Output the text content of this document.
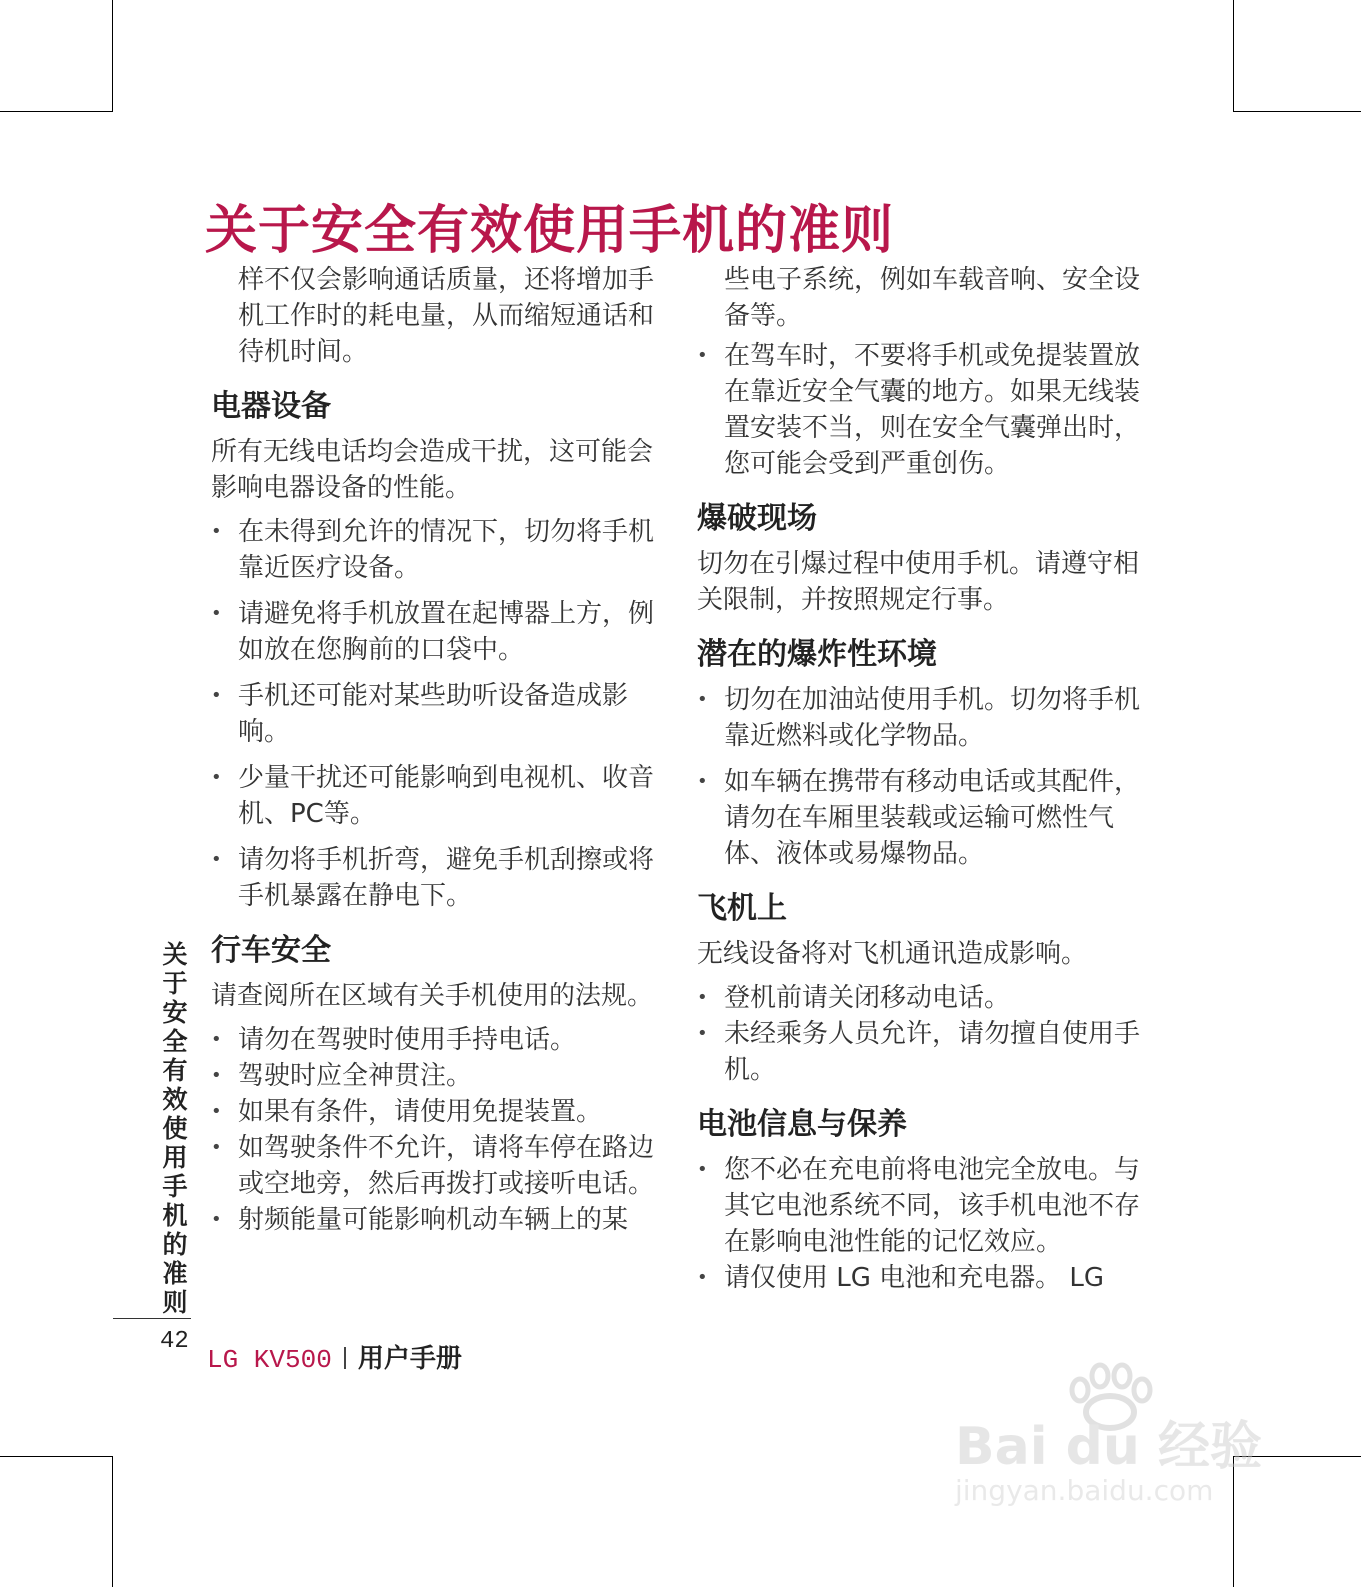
关于安全有效使用手机的准则
样不仅会影响通话质量，还将增加手机工作时的耗电量，从而缩短通话和待机时间。
电器设备
所有无线电话均会造成干扰，这可能会影响电器设备的性能。
• 在未得到允许的情况下，切勿将手机靠近医疗设备。
• 请避免将手机放置在起博器上方，例如放在您胸前的口袋中。
• 手机还可能对某些助听设备造成影响。
• 少量干扰还可能影响到电视机、收音机、PC等。
• 请勿将手机折弯，避免手机刮擦或将手机暴露在静电下。
行车安全
请查阅所在区域有关手机使用的法规。
• 请勿在驾驶时使用手持电话。
• 驾驶时应全神贯注。
• 如果有条件，请使用免提装置。
• 如驾驶条件不允许，请将车停在路边或空地旁，然后再拨打或接听电话。
• 射频能量可能影响机动车辆上的某
些电子系统，例如车载音响、安全设备等。
• 在驾车时，不要将手机或免提装置放在靠近安全气囊的地方。如果无线装置安装不当，则在安全气囊弹出时，您可能会受到严重创伤。
爆破现场
切勿在引爆过程中使用手机。请遵守相关限制，并按照规定行事。
潜在的爆炸性环境
• 切勿在加油站使用手机。切勿将手机靠近燃料或化学物品。
• 如车辆在携带有移动电话或其配件，请勿在车厢里装载或运输可燃性气体、液体或易爆物品。
飞机上
无线设备将对飞机通讯造成影响。
• 登机前请关闭移动电话。
• 未经乘务人员允许，请勿擅自使用手机。
电池信息与保养
• 您不必在充电前将电池完全放电。与其它电池系统不同，该手机电池不存在影响电池性能的记忆效应。
• 请仅使用 LG 电池和充电器。 LG
关于安全有效使用手机的准则
42
LG KV500 用户手册
Bai du 经验
jingyan.baidu.com
